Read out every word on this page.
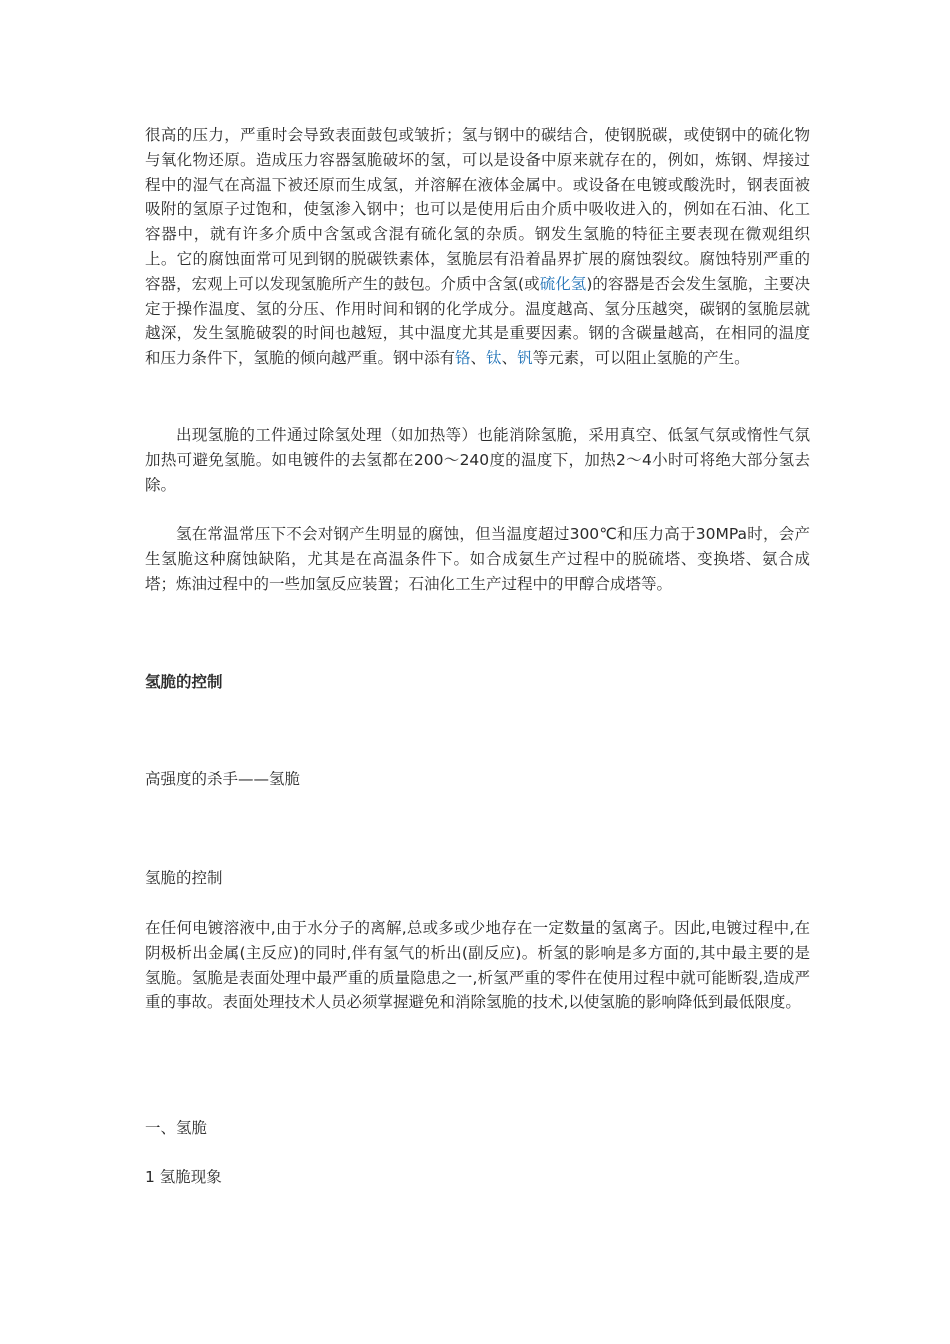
很高的压力，严重时会导致表面鼓包或皱折；氢与钢中的碳结合，使钢脱碳，或使钢中的硫化物与氧化物还原。造成压力容器氢脆破坏的氢，可以是设备中原来就存在的，例如，炼钢、焊接过程中的湿气在高温下被还原而生成氢，并溶解在液体金属中。或设备在电镀或酸洗时，钢表面被吸附的氢原子过饱和，使氢渗入钢中；也可以是使用后由介质中吸收进入的，例如在石油、化工容器中，就有许多介质中含氢或含混有硫化氢的杂质。钢发生氢脆的特征主要表现在微观组织上。它的腐蚀面常可见到钢的脱碳铁素体，氢脆层有沿着晶界扩展的腐蚀裂纹。腐蚀特别严重的容器，宏观上可以发现氢脆所产生的鼓包。介质中含氢(或硫化氢)的容器是否会发生氢脆，主要决定于操作温度、氢的分压、作用时间和钢的化学成分。温度越高、氢分压越突，碳钢的氢脆层就越深，发生氢脆破裂的时间也越短，其中温度尤其是重要因素。钢的含碳量越高，在相同的温度和压力条件下，氢脆的倾向越严重。钢中添有铬、钛、钒等元素，可以阻止氢脆的产生。

出现氢脆的工件通过除氢处理（如加热等）也能消除氢脆，采用真空、低氢气氛或惰性气氛加热可避免氢脆。如电镀件的去氢都在200～240度的温度下，加热2～4小时可将绝大部分氢去除。

氢在常温常压下不会对钢产生明显的腐蚀，但当温度超过300℃和压力高于30MPa时，会产生氢脆这种腐蚀缺陷，尤其是在高温条件下。如合成氨生产过程中的脱硫塔、变换塔、氨合成塔；炼油过程中的一些加氢反应装置；石油化工生产过程中的甲醇合成塔等。

氢脆的控制

高强度的杀手——氢脆

氢脆的控制

在任何电镀溶液中,由于水分子的离解,总或多或少地存在一定数量的氢离子。因此,电镀过程中,在阴极析出金属(主反应)的同时,伴有氢气的析出(副反应)。析氢的影响是多方面的,其中最主要的是氢脆。氢脆是表面处理中最严重的质量隐患之一,析氢严重的零件在使用过程中就可能断裂,造成严重的事故。表面处理技术人员必须掌握避免和消除氢脆的技术,以使氢脆的影响降低到最低限度。

一、氢脆

1 氢脆现象
